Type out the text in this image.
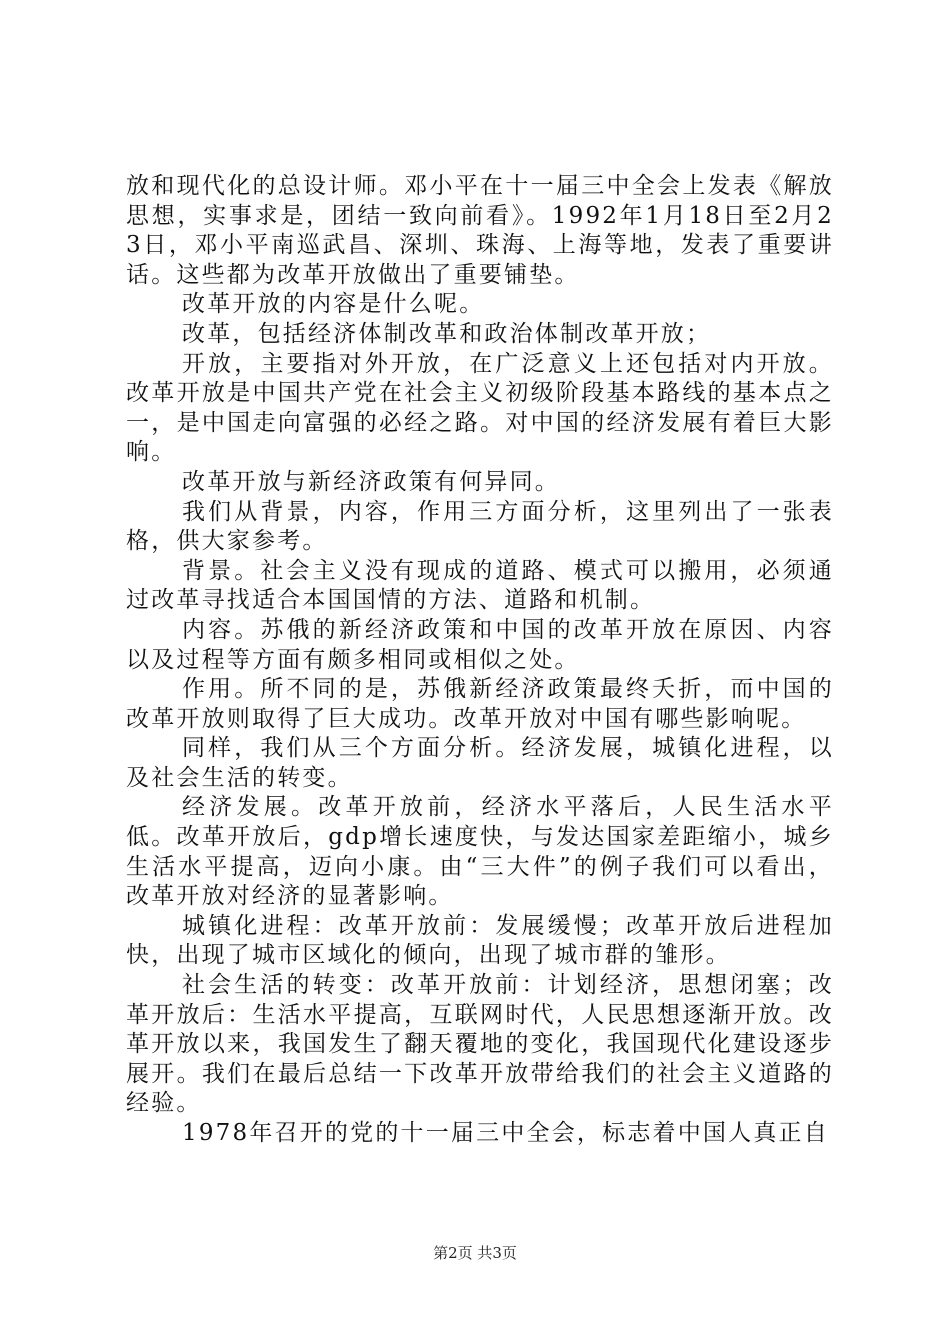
放和现代化的总设计师。邓小平在十一届三中全会上发表《解放思想，实事求是，团结一致向前看》。1992年1月18日至2月23日，邓小平南巡武昌、深圳、珠海、上海等地，发表了重要讲话。这些都为改革开放做出了重要铺垫。

改革开放的内容是什么呢。

改革，包括经济体制改革和政治体制改革开放；

开放，主要指对外开放，在广泛意义上还包括对内开放。改革开放是中国共产党在社会主义初级阶段基本路线的基本点之一，是中国走向富强的必经之路。对中国的经济发展有着巨大影响。

改革开放与新经济政策有何异同。

我们从背景，内容，作用三方面分析，这里列出了一张表格，供大家参考。

背景。社会主义没有现成的道路、模式可以搬用，必须通过改革寻找适合本国国情的方法、道路和机制。

内容。苏俄的新经济政策和中国的改革开放在原因、内容以及过程等方面有颇多相同或相似之处。

作用。所不同的是，苏俄新经济政策最终夭折，而中国的改革开放则取得了巨大成功。改革开放对中国有哪些影响呢。

同样，我们从三个方面分析。经济发展，城镇化进程，以及社会生活的转变。

经济发展。改革开放前，经济水平落后，人民生活水平低。改革开放后，gdp增长速度快，与发达国家差距缩小，城乡生活水平提高，迈向小康。由“三大件”的例子我们可以看出，改革开放对经济的显著影响。

城镇化进程：改革开放前：发展缓慢；改革开放后进程加快，出现了城市区域化的倾向，出现了城市群的雏形。

社会生活的转变：改革开放前：计划经济，思想闭塞；改革开放后：生活水平提高，互联网时代，人民思想逐渐开放。改革开放以来，我国发生了翻天覆地的变化，我国现代化建设逐步展开。我们在最后总结一下改革开放带给我们的社会主义道路的经验。

1978年召开的党的十一届三中全会，标志着中国人真正自

第2页 共3页
